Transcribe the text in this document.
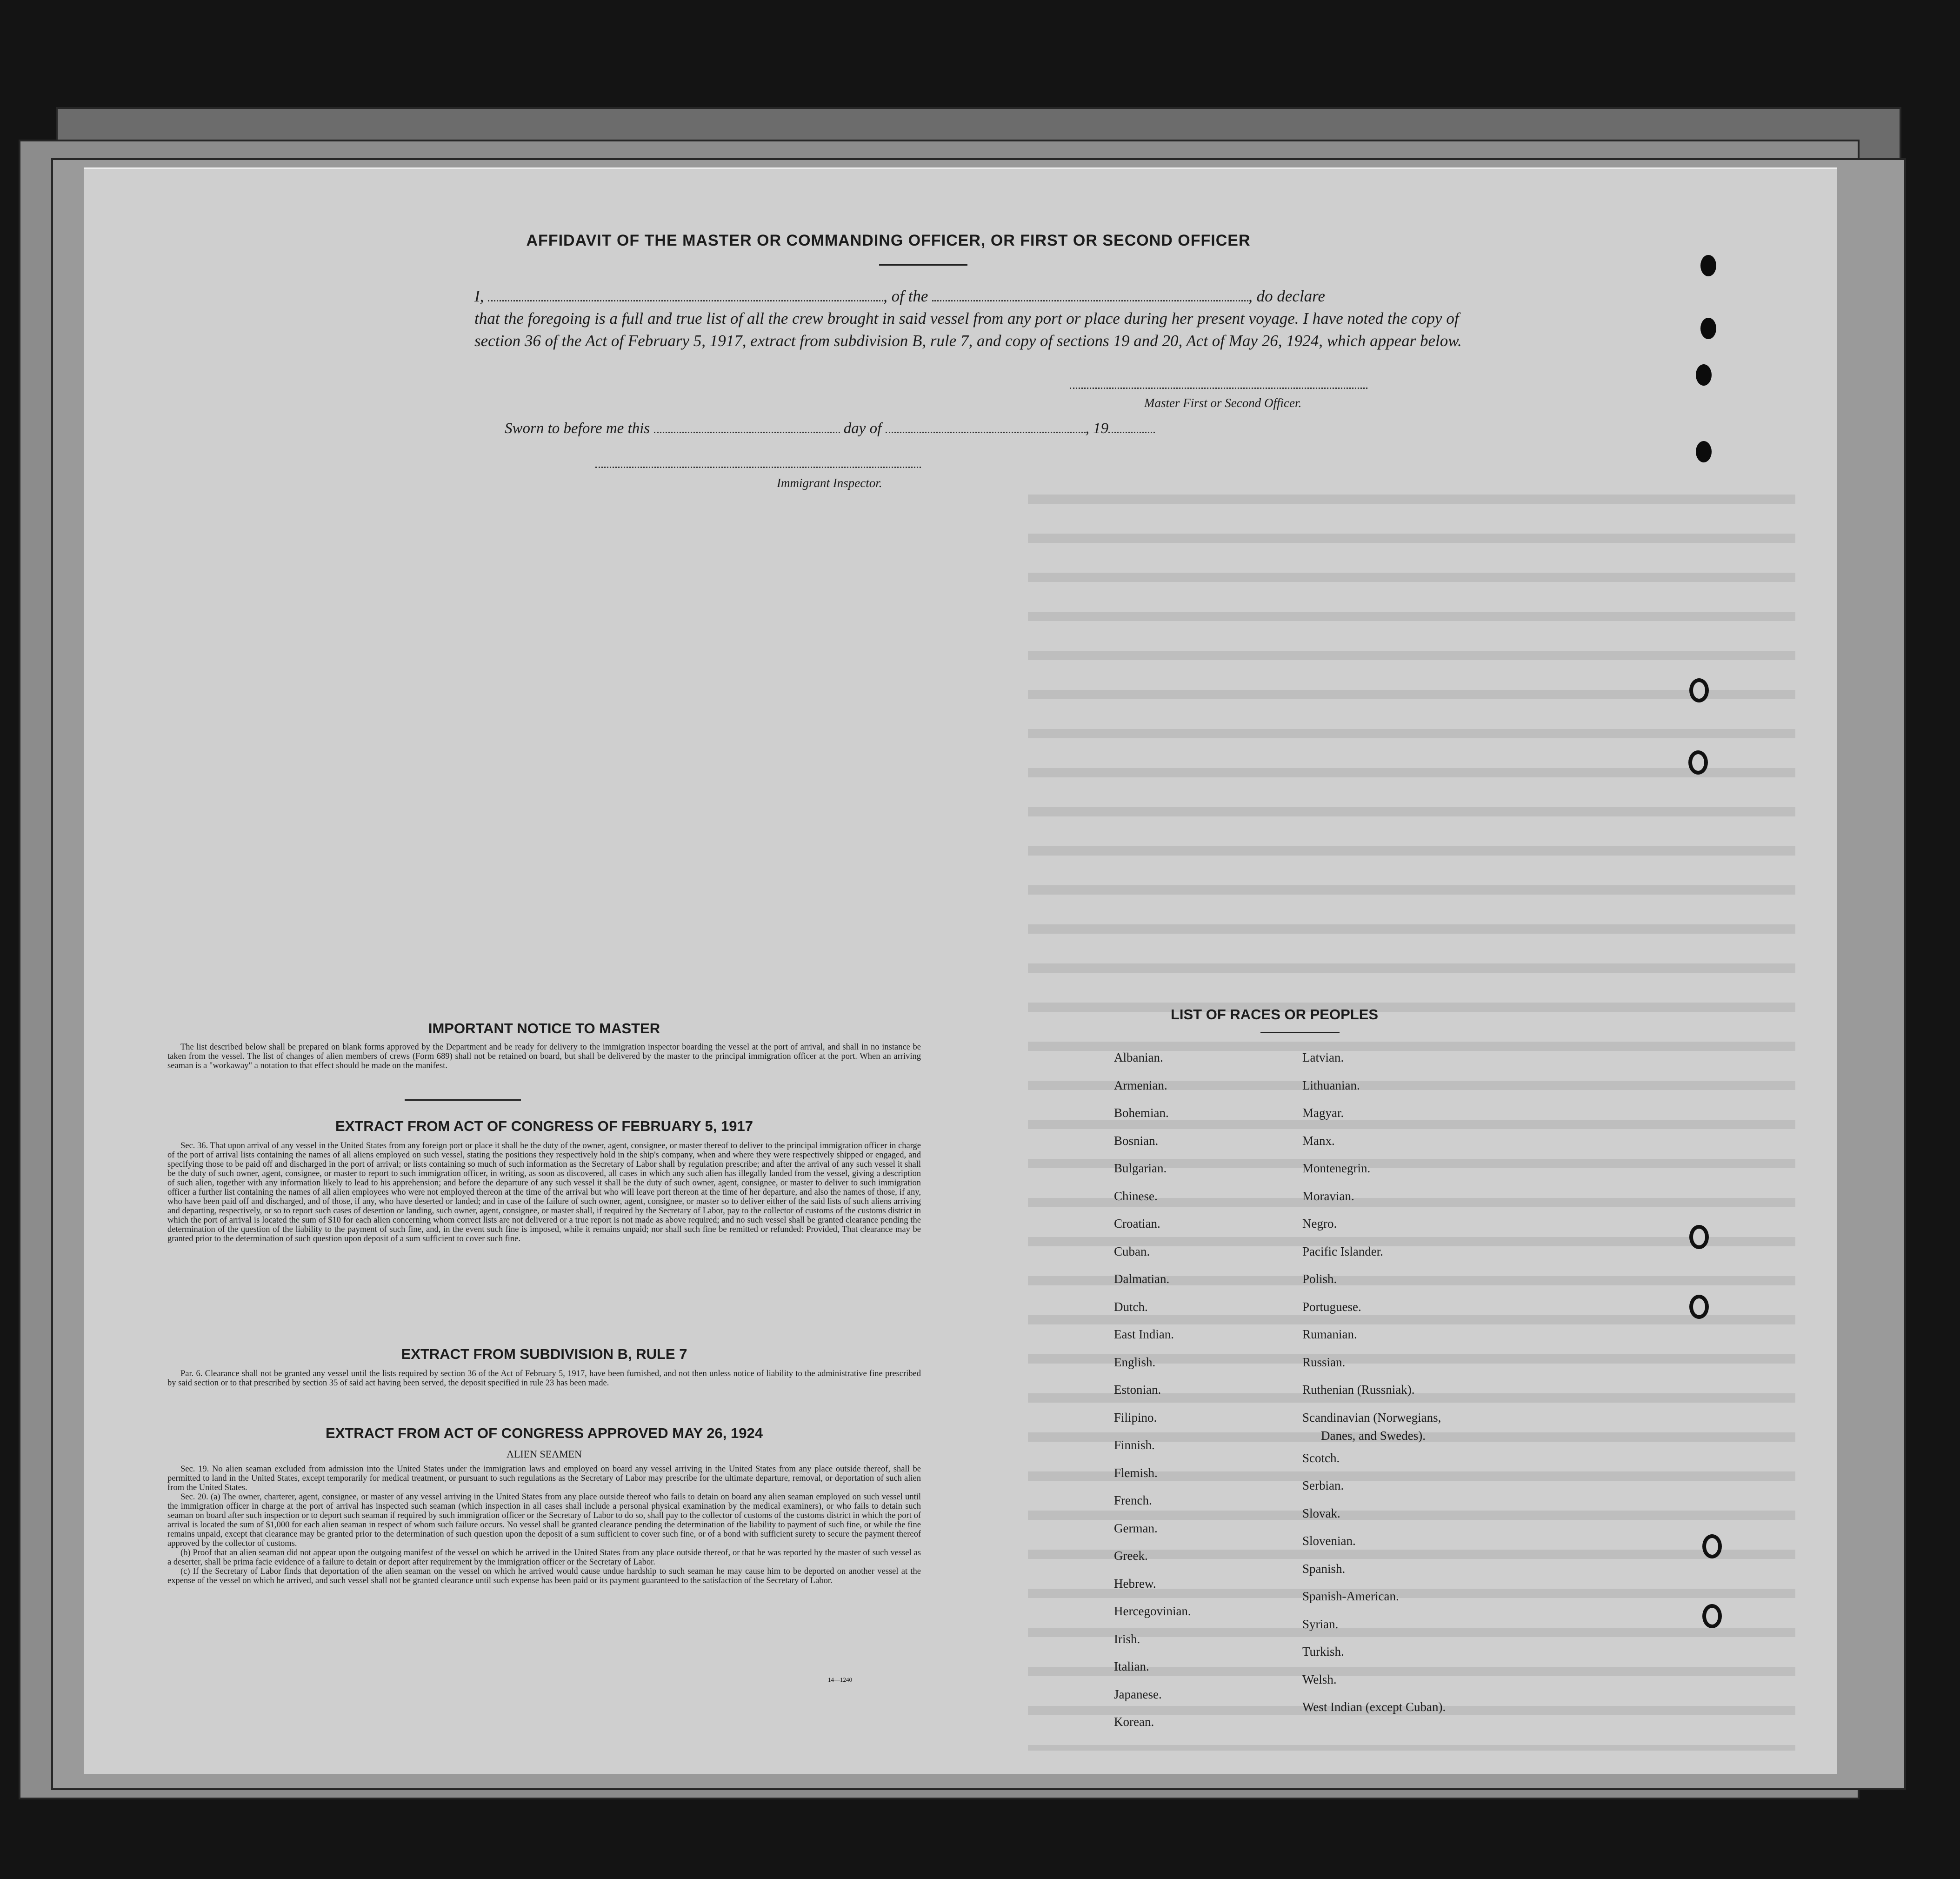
AFFIDAVIT OF THE MASTER OR COMMANDING OFFICER, OR FIRST OR SECOND OFFICER
I,	, of the	, do declare
that the foregoing is a full and true list of all the crew brought in said vessel from any port or place during her present voyage. I have noted the copy of section 36 of the Act of February 5, 1917, extract from subdivision B, rule 7, and copy of sections 19 and 20, Act of May 26, 1924, which appear below.
Master First or Second Officer.
Sworn to before me this	day of	, 19
Immigrant Inspector.
IMPORTANT NOTICE TO MASTER

The list described below shall be prepared on blank forms approved by the Department and be ready for delivery to the immigration inspector boarding the vessel at the port of arrival, and shall in no instance be taken from the vessel. The list of changes of alien members of crews (Form 689) shall not be retained on board, but shall be delivered by the master to the principal immigration officer at the port. When an arriving seaman is a "workaway" a notation to that effect should be made on the manifest.

EXTRACT FROM ACT OF CONGRESS OF FEBRUARY 5, 1917

Sec. 36. That upon arrival of any vessel in the United States from any foreign port or place it shall be the duty of the owner, agent, consignee, or master thereof to deliver to the principal immigration officer in charge of the port of arrival lists containing the names of all aliens employed on such vessel, stating the positions they respectively hold in the ship's company, when and where they were respectively shipped or engaged, and specifying those to be paid off and discharged in the port of arrival; or lists containing so much of such information as the Secretary of Labor shall by regulation prescribe; and after the arrival of any such vessel it shall be the duty of such owner, agent, consignee, or master to report to such immigration officer, in writing, as soon as discovered, all cases in which any such alien has illegally landed from the vessel, giving a description of such alien, together with any information likely to lead to his apprehension; and before the departure of any such vessel it shall be the duty of such owner, agent, consignee, or master to deliver to such immigration officer a further list containing the names of all alien employees who were not employed thereon at the time of the arrival but who will leave port thereon at the time of her departure, and also the names of those, if any, who have been paid off and discharged, and of those, if any, who have deserted or landed; and in case of the failure of such owner, agent, consignee, or master so to deliver either of the said lists of such aliens arriving and departing, respectively, or so to report such cases of desertion or landing, such owner, agent, consignee, or master shall, if required by the Secretary of Labor, pay to the collector of customs of the customs district in which the port of arrival is located the sum of $10 for each alien concerning whom correct lists are not delivered or a true report is not made as above required; and no such vessel shall be granted clearance pending the determination of the question of the liability to the payment of such fine, and, in the event such fine is imposed, while it remains unpaid; nor shall such fine be remitted or refunded: Provided, That clearance may be granted prior to the determination of such question upon deposit of a sum sufficient to cover such fine.

EXTRACT FROM SUBDIVISION B, RULE 7

Par. 6. Clearance shall not be granted any vessel until the lists required by section 36 of the Act of February 5, 1917, have been furnished, and not then unless notice of liability to the administrative fine prescribed by said section or to that prescribed by section 35 of said act having been served, the deposit specified in rule 23 has been made.

EXTRACT FROM ACT OF CONGRESS APPROVED MAY 26, 1924
ALIEN SEAMEN

Sec. 19. No alien seaman excluded from admission into the United States under the immigration laws and employed on board any vessel arriving in the United States from any place outside thereof, shall be permitted to land in the United States, except temporarily for medical treatment, or pursuant to such regulations as the Secretary of Labor may prescribe for the ultimate departure, removal, or deportation of such alien from the United States.

Sec. 20. (a) The owner, charterer, agent, consignee, or master of any vessel arriving in the United States from any place outside thereof who fails to detain on board any alien seaman employed on such vessel until the immigration officer in charge at the port of arrival has inspected such seaman (which inspection in all cases shall include a personal physical examination by the medical examiners), or who fails to detain such seaman on board after such inspection or to deport such seaman if required by such immigration officer or the Secretary of Labor to do so, shall pay to the collector of customs of the customs district in which the port of arrival is located the sum of $1,000 for each alien seaman in respect of whom such failure occurs. No vessel shall be granted clearance pending the determination of the liability to payment of such fine, or while the fine remains unpaid, except that clearance may be granted prior to the determination of such question upon the deposit of a sum sufficient to cover such fine, or of a bond with sufficient surety to secure the payment thereof approved by the collector of customs.

(b) Proof that an alien seaman did not appear upon the outgoing manifest of the vessel on which he arrived in the United States from any place outside thereof, or that he was reported by the master of such vessel as a deserter, shall be prima facie evidence of a failure to detain or deport after requirement by the immigration officer or the Secretary of Labor.

(c) If the Secretary of Labor finds that deportation of the alien seaman on the vessel on which he arrived would cause undue hardship to such seaman he may cause him to be deported on another vessel at the expense of the vessel on which he arrived, and such vessel shall not be granted clearance until such expense has been paid or its payment guaranteed to the satisfaction of the Secretary of Labor.

14—1240
LIST OF RACES OR PEOPLES
Albanian.
Armenian.
Bohemian.
Bosnian.
Bulgarian.
Chinese.
Croatian.
Cuban.
Dalmatian.
Dutch.
East Indian.
English.
Estonian.
Filipino.
Finnish.
Flemish.
French.
German.
Greek.
Hebrew.
Hercegovinian.
Irish.
Italian.
Japanese.
Korean.
Latvian.
Lithuanian.
Magyar.
Manx.
Montenegrin.
Moravian.
Negro.
Pacific Islander.
Polish.
Portuguese.
Rumanian.
Russian.
Ruthenian (Russniak).
Scandinavian (Norwegians,
Danes, and Swedes).
Scotch.
Serbian.
Slovak.
Slovenian.
Spanish.
Spanish-American.
Syrian.
Turkish.
Welsh.
West Indian (except Cuban).
